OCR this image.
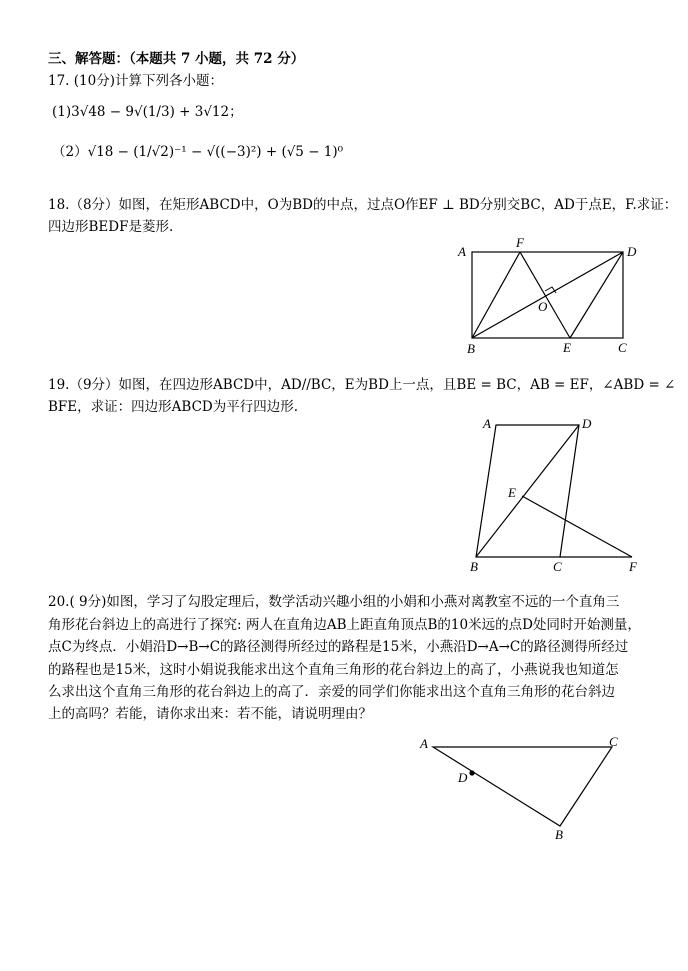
三、解答题：（本题共 7 小题，共 72 分）
17. (10分)计算下列各小题：
(1)3√48 − 9√(1/3) + 3√12；
（2）√18 − (1/√2)⁻¹ − √((−3)²) + (√5 − 1)⁰
18.（8分）如图，在矩形ABCD中，O为BD的中点，过点O作EF ⊥ BD分别交BC，AD于点E，F.求证：
四边形BEDF是菱形.
A
F
D
O
B	E	C
19.（9分）如图，在四边形ABCD中，AD//BC，E为BD上一点，且BE = BC，AB = EF，∠ABD = ∠
BFE，求证：四边形ABCD为平行四边形.
A	D
E
B	C	F
20.( 9分)如图，学习了勾股定理后，数学活动兴趣小组的小娟和小燕对离教室不远的一个直角三
角形花台斜边上的高进行了探究: 两人在直角边AB上距直角顶点B的10米远的点D处同时开始测量，
点C为终点．小娟沿D→B→C的路径测得所经过的路程是15米，小燕沿D→A→C的路径测得所经过
的路程也是15米，这时小娟说我能求出这个直角三角形的花台斜边上的高了，小燕说我也知道怎
么求出这个直角三角形的花台斜边上的高了．亲爱的同学们你能求出这个直角三角形的花台斜边
上的高吗？若能，请你求出来：若不能，请说明理由？
A	C
D
B
